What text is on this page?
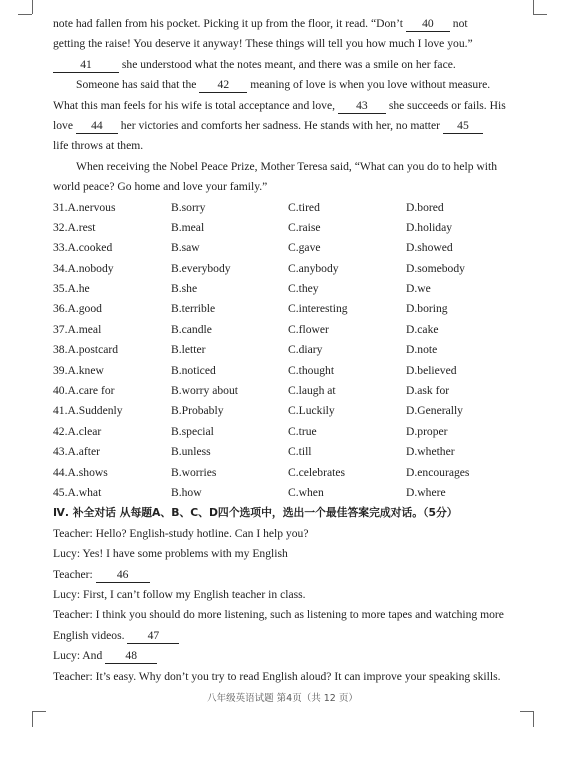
note had fallen from his pocket. Picking it up from the floor, it read. “Don’t 40 not
getting the raise! You deserve it anyway! These things will tell you how much I love you.”
41	she understood what the notes meant, and there was a smile on her face.
Someone has said that the 42 meaning of love is when you love without measure.
What this man feels for his wife is total acceptance and love, 43 she succeeds or fails. His
love 44 her victories and comforts her sadness. He stands with her, no matter 45
life throws at them.
When receiving the Nobel Peace Prize, Mother Teresa said, “What can you do to help with
world peace? Go home and love your family.”
31.A.nervous	B.sorry	C.tired	D.bored
32.A.rest	B.meal	C.raise	D.holiday
33.A.cooked	B.saw	C.gave	D.showed
34.A.nobody	B.everybody	C.anybody	D.somebody
35.A.he	B.she	C.they	D.we
36.A.good	B.terrible	C.interesting	D.boring
37.A.meal	B.candle	C.flower	D.cake
38.A.postcard	B.letter	C.diary	D.note
39.A.knew	B.noticed	C.thought	D.believed
40.A.care for	B.worry about	C.laugh at	D.ask for
41.A.Suddenly	B.Probably	C.Luckily	D.Generally
42.A.clear	B.special	C.true	D.proper
43.A.after	B.unless	C.till	D.whether
44.A.shows	B.worries	C.celebrates	D.encourages
45.A.what	B.how	C.when	D.where
Ⅳ. 补全对话 从每题A、B、C、D四个选项中，选出一个最佳答案完成对话。（5分）
Teacher: Hello? English-study hotline. Can I help you?
Lucy: Yes! I have some problems with my English
Teacher: 46
Lucy: First, I can’t follow my English teacher in class.
Teacher: I think you should do more listening, such as listening to more tapes and watching more
English videos. 47
Lucy: And 48
Teacher: It’s easy. Why don’t you try to read English aloud? It can improve your speaking skills.
八年级英语试题 第4页（共 12 页）
